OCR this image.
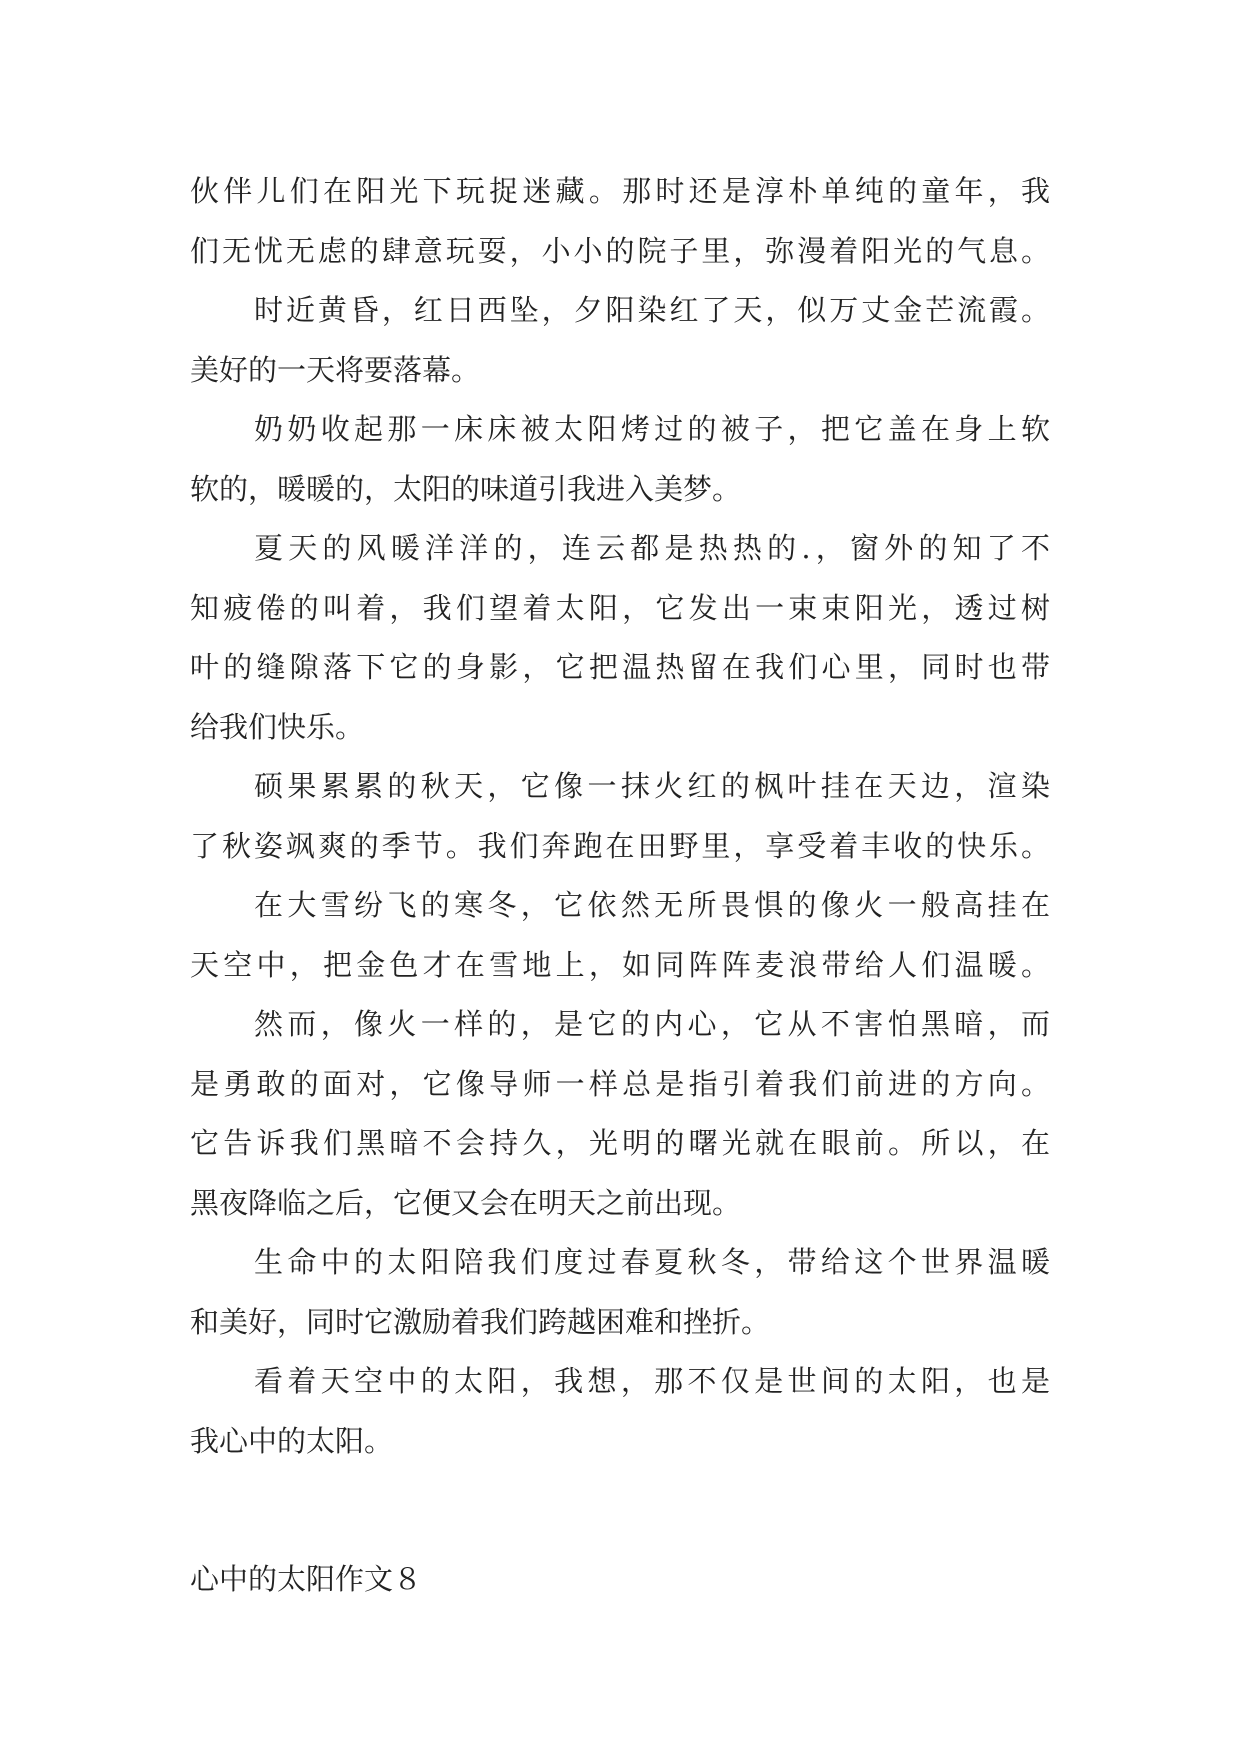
伙伴儿们在阳光下玩捉迷藏。那时还是淳朴单纯的童年，我
们无忧无虑的肆意玩耍，小小的院子里，弥漫着阳光的气息。
时近黄昏，红日西坠，夕阳染红了天，似万丈金芒流霞。
美好的一天将要落幕。
奶奶收起那一床床被太阳烤过的被子，把它盖在身上软
软的，暖暖的，太阳的味道引我进入美梦。
夏天的风暖洋洋的，连云都是热热的.，窗外的知了不
知疲倦的叫着，我们望着太阳，它发出一束束阳光，透过树
叶的缝隙落下它的身影，它把温热留在我们心里，同时也带
给我们快乐。
硕果累累的秋天，它像一抹火红的枫叶挂在天边，渲染
了秋姿飒爽的季节。我们奔跑在田野里，享受着丰收的快乐。
在大雪纷飞的寒冬，它依然无所畏惧的像火一般高挂在
天空中，把金色才在雪地上，如同阵阵麦浪带给人们温暖。
然而，像火一样的，是它的内心，它从不害怕黑暗，而
是勇敢的面对，它像导师一样总是指引着我们前进的方向。
它告诉我们黑暗不会持久，光明的曙光就在眼前。所以，在
黑夜降临之后，它便又会在明天之前出现。
生命中的太阳陪我们度过春夏秋冬，带给这个世界温暖
和美好，同时它激励着我们跨越困难和挫折。
看着天空中的太阳，我想，那不仅是世间的太阳，也是
我心中的太阳。
心中的太阳作文８
